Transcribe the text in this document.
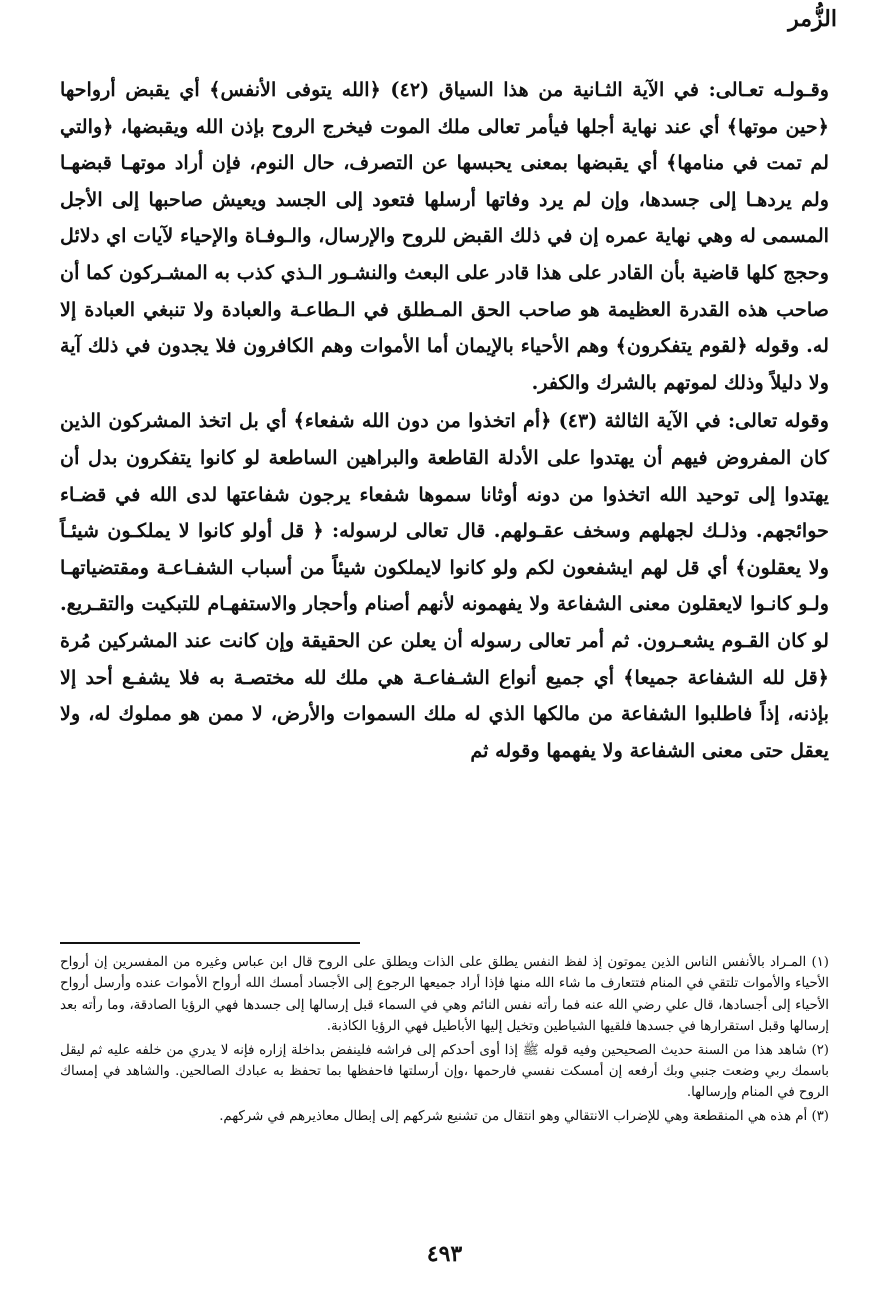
الزُّمر

وقـولـه تعـالى: في الآية الثـانية من هذا السياق (٤٢) ﴿الله يتوفى الأنفس﴾ أي يقبض أرواحها ﴿حين موتها﴾ أي عند نهاية أجلها فيأمر تعالى ملك الموت فيخرج الروح بإذن الله ويقبضها، ﴿والتي لم تمت في منامها﴾ أي يقبضها بمعنى يحبسها عن التصرف، حال النوم، فإن أراد موتهـا قبضهـا ولم يردهـا إلى جسدها، وإن لم يرد وفاتها أرسلها فتعود إلى الجسد ويعيش صاحبها إلى الأجل المسمى له وهي نهاية عمره إن في ذلك القبض للروح والإرسال، والـوفـاة والإحياء لآيات اي دلائل وحجج كلها قاضية بأن القادر على هذا قادر على البعث والنشـور الـذي كذب به المشـركون كما أن صاحب هذه القدرة العظيمة هو صاحب الحق المـطلق في الـطاعـة والعبادة ولا تنبغي العبادة إلا له. وقوله ﴿لقوم يتفكرون﴾ وهم الأحياء بالإيمان أما الأموات وهم الكافرون فلا يجدون في ذلك آية ولا دليلاً وذلك لموتهم بالشرك والكفر.

وقوله تعالى: في الآية الثالثة (٤٣) ﴿أم اتخذوا من دون الله شفعاء﴾ أي بل اتخذ المشركون الذين كان المفروض فيهم أن يهتدوا على الأدلة القاطعة والبراهين الساطعة لو كانوا يتفكرون بدل أن يهتدوا إلى توحيد الله اتخذوا من دونه أوثانا سموها شفعاء يرجون شفاعتها لدى الله في قضـاء حوائجهم. وذلـك لجهلهم وسخف عقـولهم. قال تعالى لرسوله: ﴿ قل أولو كانوا لا يملكـون شيئـاً ولا يعقلون﴾ أي قل لهم ايشفعون لكم ولو كانوا لايملكون شيئاً من أسباب الشفـاعـة ومقتضياتهـا ولـو كانـوا لايعقلون معنى الشفاعة ولا يفهمونه لأنهم أصنام وأحجار والاستفهـام للتبكيت والتقـريع. لو كان القـوم يشعـرون. ثم أمر تعالى رسوله أن يعلن عن الحقيقة وإن كانت عند المشركين مُرة ﴿قل لله الشفاعة جميعا﴾ أي جميع أنواع الشـفاعـة هي ملك لله مختصـة به فلا يشفـع أحد إلا بإذنه، إذاً فاطلبوا الشفاعة من مالكها الذي له ملك السموات والأرض، لا ممن هو مملوك له، ولا يعقل حتى معنى الشفاعة ولا يفهمها وقوله ثم

(١) المـراد بالأنفس الناس الذين يموتون إذ لفظ النفس يطلق على الذات ويطلق على الروح قال ابن عباس وغيره من المفسرين إن أرواح الأحياء والأموات تلتقي في المنام فتتعارف ما شاء الله منها فإذا أراد جميعها الرجوع إلى الأجساد أمسك الله أرواح الأموات عنده وأرسل أرواح الأحياء إلى أجسادها، قال علي رضي الله عنه فما رأته نفس النائم وهي في السماء قبل إرسالها إلى جسدها فهي الرؤيا الصادقة، وما رأته بعد إرسالها وقبل استقرارها في جسدها فلقيها الشياطين وتخيل إليها الأباطيل فهي الرؤيا الكاذبة.

(٢) شاهد هذا من السنة حديث الصحيحين وفيه قوله ﷺ إذا أوى أحدكم إلى فراشه فلينفض بداخلة إزاره فإنه لا يدري من خلفه عليه ثم ليقل باسمك ربي وضعت جنبي وبك أرفعه إن أمسكت نفسي فارحمها ،وإن أرسلتها فاحفظها بما تحفظ به عبادك الصالحين. والشاهد في إمساك الروح في المنام وإرسالها.

(٣) أم هذه هي المنقطعة وهي للإضراب الانتقالي وهو انتقال من تشنيع شركهم إلى إبطال معاذيرهم في شركهم.

٤٩٣
